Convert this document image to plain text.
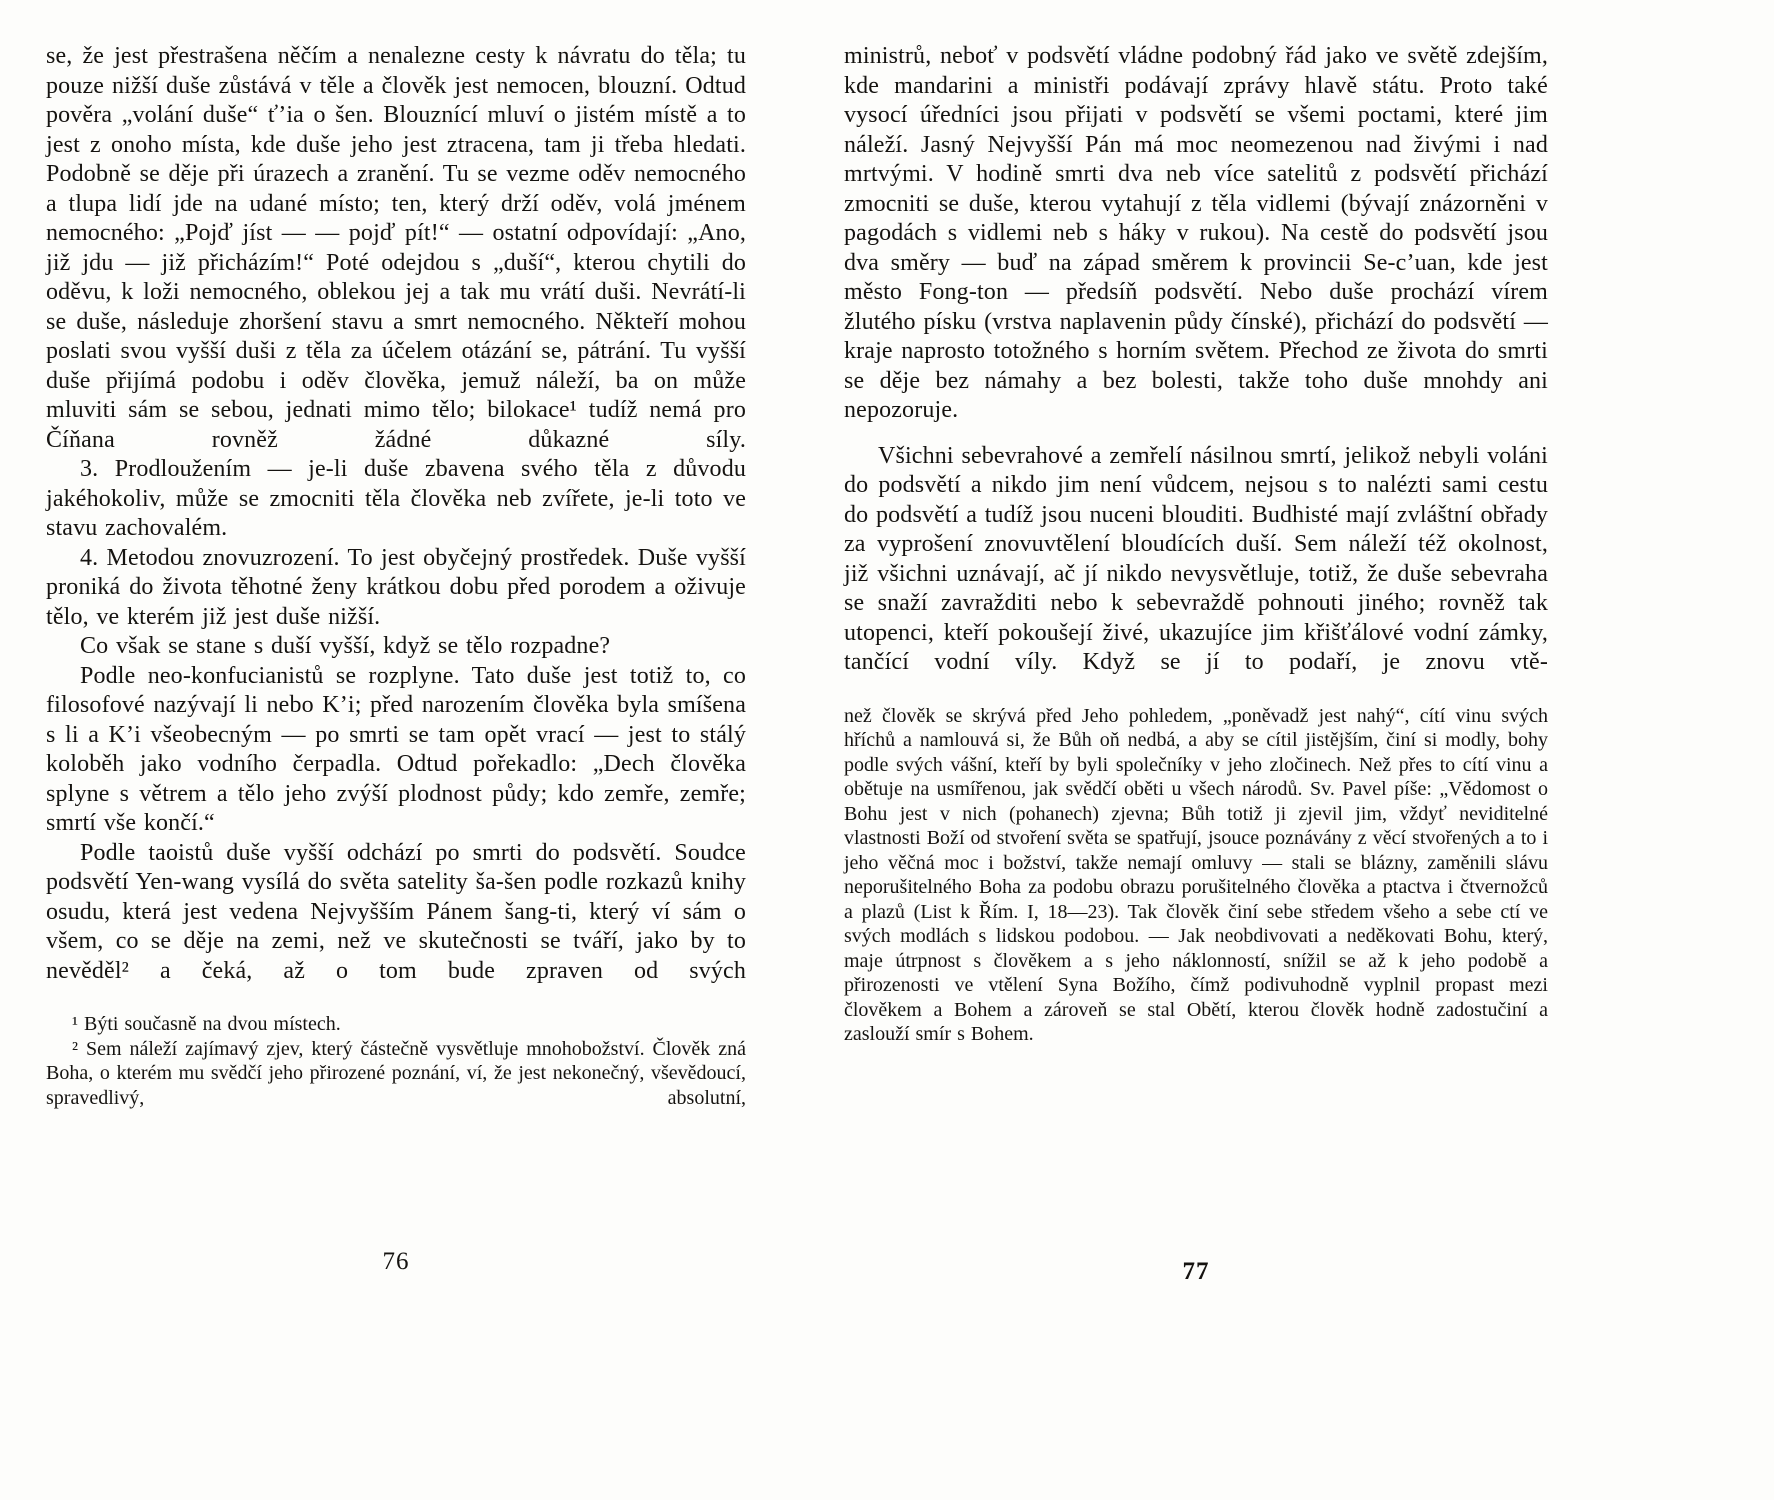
se, že jest přestrašena něčím a nenalezne cesty k návratu do těla; tu pouze nižší duše zůstává v těle a člověk jest nemocen, blouzní. Odtud pověra „volání duše“ ť’ia o šen. Blouznící mluví o jistém místě a to jest z onoho místa, kde duše jeho jest ztracena, tam ji třeba hledati. Podobně se děje při úrazech a zranění. Tu se vezme oděv nemocného a tlupa lidí jde na udané místo; ten, který drží oděv, volá jménem nemocného: „Pojď jíst — — pojď pít!“ — ostatní odpovídají: „Ano, již jdu — již přicházím!“ Poté odejdou s „duší“, kterou chytili do oděvu, k loži nemocného, oblekou jej a tak mu vrátí duši. Nevrátí-li se duše, následuje zhoršení stavu a smrt nemocného. Někteří mohou poslati svou vyšší duši z těla za účelem otázání se, pátrání. Tu vyšší duše přijímá podobu i oděv člověka, jemuž náleží, ba on může mluviti sám se sebou, jednati mimo tělo; bilokace¹ tudíž nemá pro Číňana rovněž žádné důkazné síly.

3. Prodloužením — je-li duše zbavena svého těla z důvodu jakéhokoliv, může se zmocniti těla člověka neb zvířete, je-li toto ve stavu zachovalém.

4. Metodou znovuzrození. To jest obyčejný prostředek. Duše vyšší proniká do života těhotné ženy krátkou dobu před porodem a oživuje tělo, ve kterém již jest duše nižší.

Co však se stane s duší vyšší, když se tělo rozpadne?

Podle neo-konfucianistů se rozplyne. Tato duše jest totiž to, co filosofové nazývají li nebo K’i; před narozením člověka byla smíšena s li a K’i všeobecným — po smrti se tam opět vrací — jest to stálý koloběh jako vodního čerpadla. Odtud pořekadlo: „Dech člověka splyne s větrem a tělo jeho zvýší plodnost půdy; kdo zemře, zemře; smrtí vše končí.“

Podle taoistů duše vyšší odchází po smrti do podsvětí. Soudce podsvětí Yen-wang vysílá do světa satelity ša-šen podle rozkazů knihy osudu, která jest vedena Nejvyšším Pánem šang-ti, který ví sám o všem, co se děje na zemi, než ve skutečnosti se tváří, jako by to nevěděl² a čeká, až o tom bude zpraven od svých

¹ Býti současně na dvou místech.

² Sem náleží zajímavý zjev, který částečně vysvětluje mnohobožství. Člověk zná Boha, o kterém mu svědčí jeho přirozené poznání, ví, že jest nekonečný, vševědoucí, spravedlivý, absolutní,

76

ministrů, neboť v podsvětí vládne podobný řád jako ve světě zdejším, kde mandarini a ministři podávají zprávy hlavě státu. Proto také vysocí úředníci jsou přijati v podsvětí se všemi poctami, které jim náleží. Jasný Nejvyšší Pán má moc neomezenou nad živými i nad mrtvými. V hodině smrti dva neb více satelitů z podsvětí přichází zmocniti se duše, kterou vytahují z těla vidlemi (bývají znázorněni v pagodách s vidlemi neb s háky v rukou). Na cestě do podsvětí jsou dva směry — buď na západ směrem k provincii Se-c’uan, kde jest město Fong-ton — předsíň podsvětí. Nebo duše prochází vírem žlutého písku (vrstva naplavenin půdy čínské), přichází do podsvětí — kraje naprosto totožného s horním světem. Přechod ze života do smrti se děje bez námahy a bez bolesti, takže toho duše mnohdy ani nepozoruje.

Všichni sebevrahové a zemřelí násilnou smrtí, jelikož nebyli voláni do podsvětí a nikdo jim není vůdcem, nejsou s to nalézti sami cestu do podsvětí a tudíž jsou nuceni blouditi. Budhisté mají zvláštní obřady za vyprošení znovuvtělení bloudících duší. Sem náleží též okolnost, již všichni uznávají, ač jí nikdo nevysvětluje, totiž, že duše sebevraha se snaží zavražditi nebo k sebevraždě pohnouti jiného; rovněž tak utopenci, kteří pokoušejí živé, ukazujíce jim křišťálové vodní zámky, tančící vodní víly. Když se jí to podaří, je znovu vtě-

než člověk se skrývá před Jeho pohledem, „poněvadž jest nahý“, cítí vinu svých hříchů a namlouvá si, že Bůh oň nedbá, a aby se cítil jistějším, činí si modly, bohy podle svých vášní, kteří by byli společníky v jeho zločinech. Než přes to cítí vinu a obětuje na usmířenou, jak svědčí oběti u všech národů. Sv. Pavel píše: „Vědomost o Bohu jest v nich (pohanech) zjevna; Bůh totiž ji zjevil jim, vždyť neviditelné vlastnosti Boží od stvoření světa se spatřují, jsouce poznávány z věcí stvořených a to i jeho věčná moc i božství, takže nemají omluvy — stali se blázny, zaměnili slávu neporušitelného Boha za podobu obrazu porušitelného člověka a ptactva i čtvernožců a plazů (List k Řím. I, 18—23). Tak člověk činí sebe středem všeho a sebe ctí ve svých modlách s lidskou podobou. — Jak neobdivovati a neděkovati Bohu, který, maje útrpnost s člověkem a s jeho náklonností, snížil se až k jeho podobě a přirozenosti ve vtělení Syna Božího, čímž podivuhodně vyplnil propast mezi člověkem a Bohem a zároveň se stal Obětí, kterou člověk hodně zadostučiní a zaslouží smír s Bohem.

77
